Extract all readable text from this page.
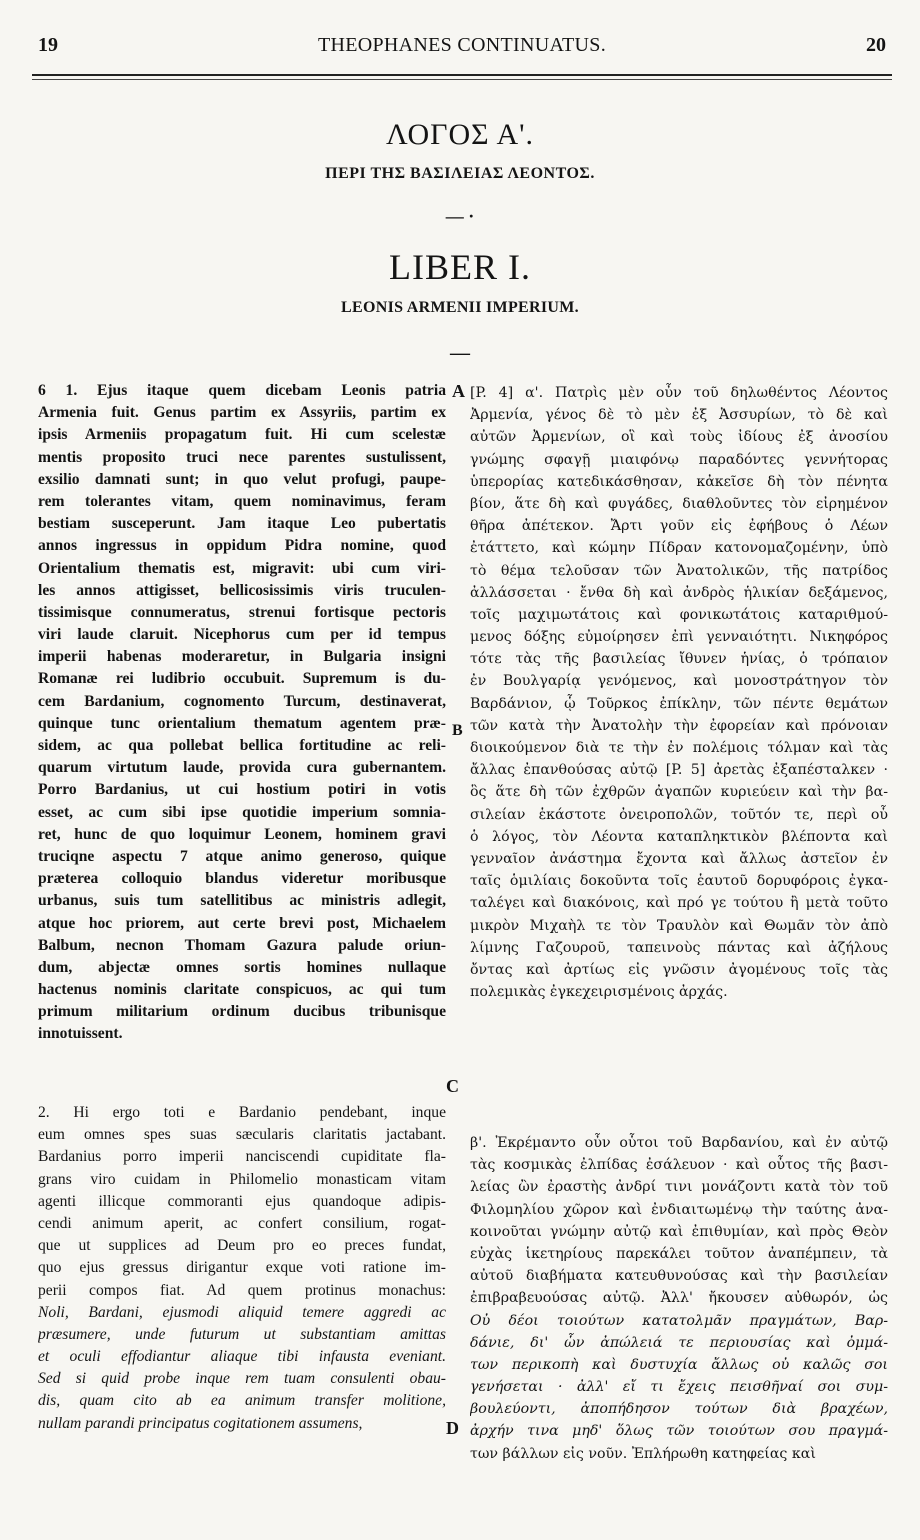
19	THEOPHANES CONTINUATUS.	20
ΛΟΓΟΣ Α'.
ΠΕΡΙ ΤΗΣ ΒΑΣΙΛΕΙΑΣ ΛΕΟΝΤΟΣ.
— ·
LIBER I.
LEONIS ARMENII IMPERIUM.
—
A
B
C
D
6 1. Ejus itaque quem dicebam Leonis patria
Armenia fuit. Genus partim ex Assyriis, partim ex
ipsis Armeniis propagatum fuit. Hi cum scelestæ
mentis proposito truci nece parentes sustulissent,
exsilio damnati sunt; in quo velut profugi, paupe-
rem tolerantes vitam, quem nominavimus, feram
bestiam susceperunt. Jam itaque Leo pubertatis
annos ingressus in oppidum Pidra nomine, quod
Orientalium thematis est, migravit: ubi cum viri-
les annos attigisset, bellicosissimis viris truculen-
tissimisque connumeratus, strenui fortisque pectoris
viri laude claruit. Nicephorus cum per id tempus
imperii habenas moderaretur, in Bulgaria insigni
Romanæ rei ludibrio occubuit. Supremum is du-
cem Bardanium, cognomento Turcum, destinaverat,
quinque tunc orientalium thematum agentem præ-
sidem, ac qua pollebat bellica fortitudine ac reli-
quarum virtutum laude, provida cura gubernantem.
Porro Bardanius, ut cui hostium potiri in votis
esset, ac cum sibi ipse quotidie imperium somnia-
ret, hunc de quo loquimur Leonem, hominem gravi
truciqne aspectu 7 atque animo generoso, quique
præterea colloquio blandus videretur moribusque
urbanus, suis tum satellitibus ac ministris adlegit,
atque hoc priorem, aut certe brevi post, Michaelem
Balbum, necnon Thomam Gazura palude oriun-
dum, abjectæ omnes sortis homines nullaque
hactenus nominis claritate conspicuos, ac qui tum
primum militarium ordinum ducibus tribunisque
innotuissent.
2. Hi ergo toti e Bardanio pendebant, inque
eum omnes spes suas sæcularis claritatis jactabant.
Bardanius porro imperii nanciscendi cupiditate fla-
grans viro cuidam in Philomelio monasticam vitam
agenti illicque commoranti ejus quandoque adipis-
cendi animum aperit, ac confert consilium, rogat-
que ut supplices ad Deum pro eo preces fundat,
quo ejus gressus dirigantur exque voti ratione im-
perii compos fiat. Ad quem protinus monachus:
Noli, Bardani, ejusmodi aliquid temere aggredi ac
præsumere, unde futurum ut substantiam amittas
et oculi effodiantur aliaque tibi infausta eveniant.
Sed si quid probe inque rem tuam consulenti obau-
dis, quam cito ab ea animum transfer molitione,
nullam parandi principatus cogitationem assumens,
[P. 4] α'. Πατρὶς μὲν οὖν τοῦ δηλωθέντος Λέοντος
Ἀρμενία, γένος δὲ τὸ μὲν ἐξ Ἀσσυρίων, τὸ δὲ καὶ
αὐτῶν Ἀρμενίων, οἳ καὶ τοὺς ἰδίους ἐξ ἀνοσίου
γνώμης σφαγῇ μιαιφόνῳ παραδόντες γεννήτορας
ὑπερορίας κατεδικάσθησαν, κἀκεῖσε δὴ τὸν πένητα
βίον, ἅτε δὴ καὶ φυγάδες, διαθλοῦντες τὸν εἰρημένον
θῆρα ἀπέτεκον. Ἄρτι γοῦν εἰς ἐφήβους ὁ Λέων
ἐτάττετο, καὶ κώμην Πίδραν κατονομαζομένην, ὑπὸ
τὸ θέμα τελοῦσαν τῶν Ἀνατολικῶν, τῆς πατρίδος
ἀλλάσσεται · ἔνθα δὴ καὶ ἀνδρὸς ἡλικίαν δεξάμενος,
τοῖς μαχιμωτάτοις καὶ φονικωτάτοις καταριθμού-
μενος δόξης εὐμοίρησεν ἐπὶ γενναιότητι. Νικηφόρος
τότε τὰς τῆς βασιλείας ἴθυνεν ἡνίας, ὁ τρόπαιον
ἐν Βουλγαρίᾳ γενόμενος, καὶ μονοστράτηγον τὸν
Βαρδάνιον, ᾧ Τοῦρκος ἐπίκλην, τῶν πέντε θεμάτων
τῶν κατὰ τὴν Ἀνατολὴν τὴν ἐφορείαν καὶ πρόνοιαν
διοικούμενον διὰ τε τὴν ἐν πολέμοις τόλμαν καὶ τὰς
ἄλλας ἐπανθούσας αὐτῷ [P. 5] ἀρετὰς ἐξαπέσταλκεν ·
ὃς ἅτε δὴ τῶν ἐχθρῶν ἀγαπῶν κυριεύειν καὶ τὴν βα-
σιλείαν ἑκάστοτε ὀνειροπολῶν, τοῦτόν τε, περὶ οὗ
ὁ λόγος, τὸν Λέοντα καταπληκτικὸν βλέποντα καὶ
γενναῖον ἀνάστημα ἔχοντα καὶ ἄλλως ἀστεῖον ἐν
ταῖς ὁμιλίαις δοκοῦντα τοῖς ἑαυτοῦ δορυφόροις ἐγκα-
ταλέγει καὶ διακόνοις, καὶ πρό γε τούτου ἢ μετὰ τοῦτο
μικρὸν Μιχαὴλ τε τὸν Τραυλὸν καὶ Θωμᾶν τὸν ἀπὸ
λίμνης Γαζουροῦ, ταπεινοὺς πάντας καὶ ἀζήλους
ὄντας καὶ ἀρτίως εἰς γνῶσιν ἀγομένους τοῖς τὰς
πολεμικὰς ἐγκεχειρισμένοις ἀρχάς.
β'. Ἐκρέμαντο οὖν οὗτοι τοῦ Βαρδανίου, καὶ ἐν αὐτῷ
τὰς κοσμικὰς ἐλπίδας ἐσάλευον · καὶ οὗτος τῆς βασι-
λείας ὢν ἐραστὴς ἀνδρί τινι μονάζοντι κατὰ τὸν τοῦ
Φιλομηλίου χῶρον καὶ ἐνδιαιτωμένῳ τὴν ταύτης ἀνα-
κοινοῦται γνώμην αὐτῷ καὶ ἐπιθυμίαν, καὶ πρὸς Θεὸν
εὐχὰς ἱκετηρίους παρεκάλει τοῦτον ἀναπέμπειν, τὰ
αὐτοῦ διαβήματα κατευθυνούσας καὶ τὴν βασιλείαν
ἐπιβραβευούσας αὐτῷ. Ἀλλ' ἤκουσεν αὐθωρόν, ὡς
Οὐ δέοι τοιούτων κατατολμᾶν πραγμάτων, Βαρ-
δάνιε, δι' ὧν ἀπώλειά τε περιουσίας καὶ ὀμμά-
των περικοπὴ καὶ δυστυχία ἄλλως οὐ καλῶς σοι
γενήσεται · ἀλλ' εἴ τι ἔχεις πεισθῆναί σοι συμ-
βουλεύοντι, ἀποπήδησον τούτων διὰ βραχέων,
ἀρχήν τινα μηδ' ὅλως τῶν τοιούτων σου πραγμά-
των βάλλων εἰς νοῦν. Ἐπλήρωθη κατηφείας καὶ
